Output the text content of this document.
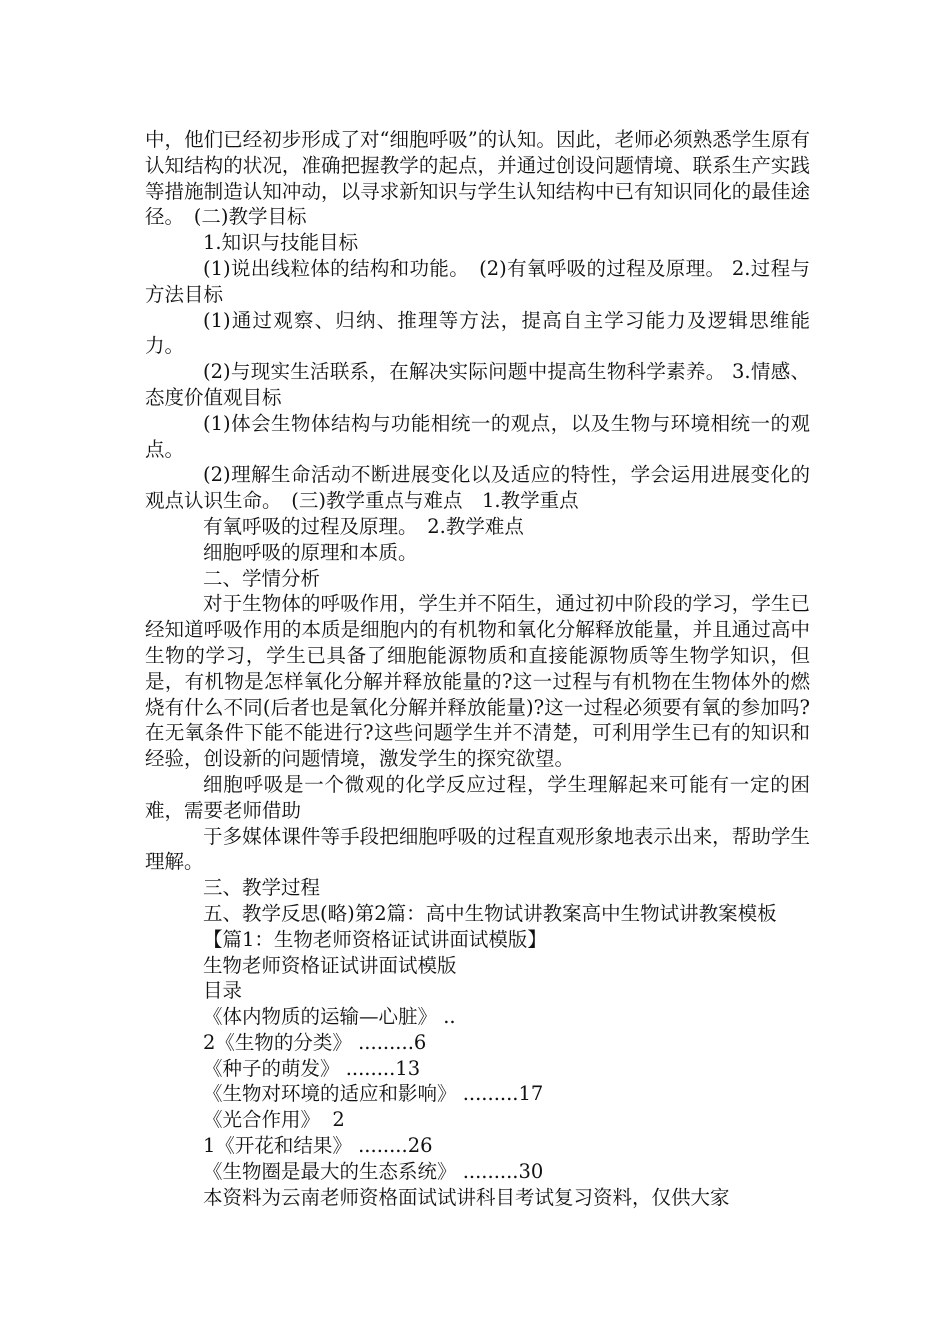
中，他们已经初步形成了对“细胞呼吸”的认知。因此，老师必须熟悉学生原有认知结构的状况，准确把握教学的起点，并通过创设问题情境、联系生产实践等措施制造认知冲动，以寻求新知识与学生认知结构中已有知识同化的最佳途径。　(二)教学目标

1.知识与技能目标

(1)说出线粒体的结构和功能。　(2)有氧呼吸的过程及原理。 2.过程与方法目标

(1)通过观察、归纳、推理等方法，提高自主学习能力及逻辑思维能力。

(2)与现实生活联系，在解决实际问题中提高生物科学素养。 3.情感、态度价值观目标

(1)体会生物体结构与功能相统一的观点，以及生物与环境相统一的观点。

(2)理解生命活动不断进展变化以及适应的特性，学会运用进展变化的观点认识生命。　(三)教学重点与难点　1.教学重点

有氧呼吸的过程及原理。　2.教学难点

细胞呼吸的原理和本质。

二、学情分析

对于生物体的呼吸作用，学生并不陌生，通过初中阶段的学习，学生已经知道呼吸作用的本质是细胞内的有机物和氧化分解释放能量，并且通过高中生物的学习，学生已具备了细胞能源物质和直接能源物质等生物学知识，但是，有机物是怎样氧化分解并释放能量的?这一过程与有机物在生物体外的燃烧有什么不同(后者也是氧化分解并释放能量)?这一过程必须要有氧的参加吗?在无氧条件下能不能进行?这些问题学生并不清楚，可利用学生已有的知识和经验，创设新的问题情境，激发学生的探究欲望。

细胞呼吸是一个微观的化学反应过程，学生理解起来可能有一定的困难，需要老师借助

于多媒体课件等手段把细胞呼吸的过程直观形象地表示出来，帮助学生理解。

三、教学过程

五、教学反思(略)第2篇：高中生物试讲教案高中生物试讲教案模板

【篇1：生物老师资格证试讲面试模版】

生物老师资格证试讲面试模版

目录

《体内物质的运输—心脏》 ..

2《生物的分类》 .........6

《种子的萌发》 ........13

《生物对环境的适应和影响》 .........17

《光合作用》  2

1《开花和结果》 ........26

《生物圈是最大的生态系统》 .........30

本资料为云南老师资格面试试讲科目考试复习资料，仅供大家
